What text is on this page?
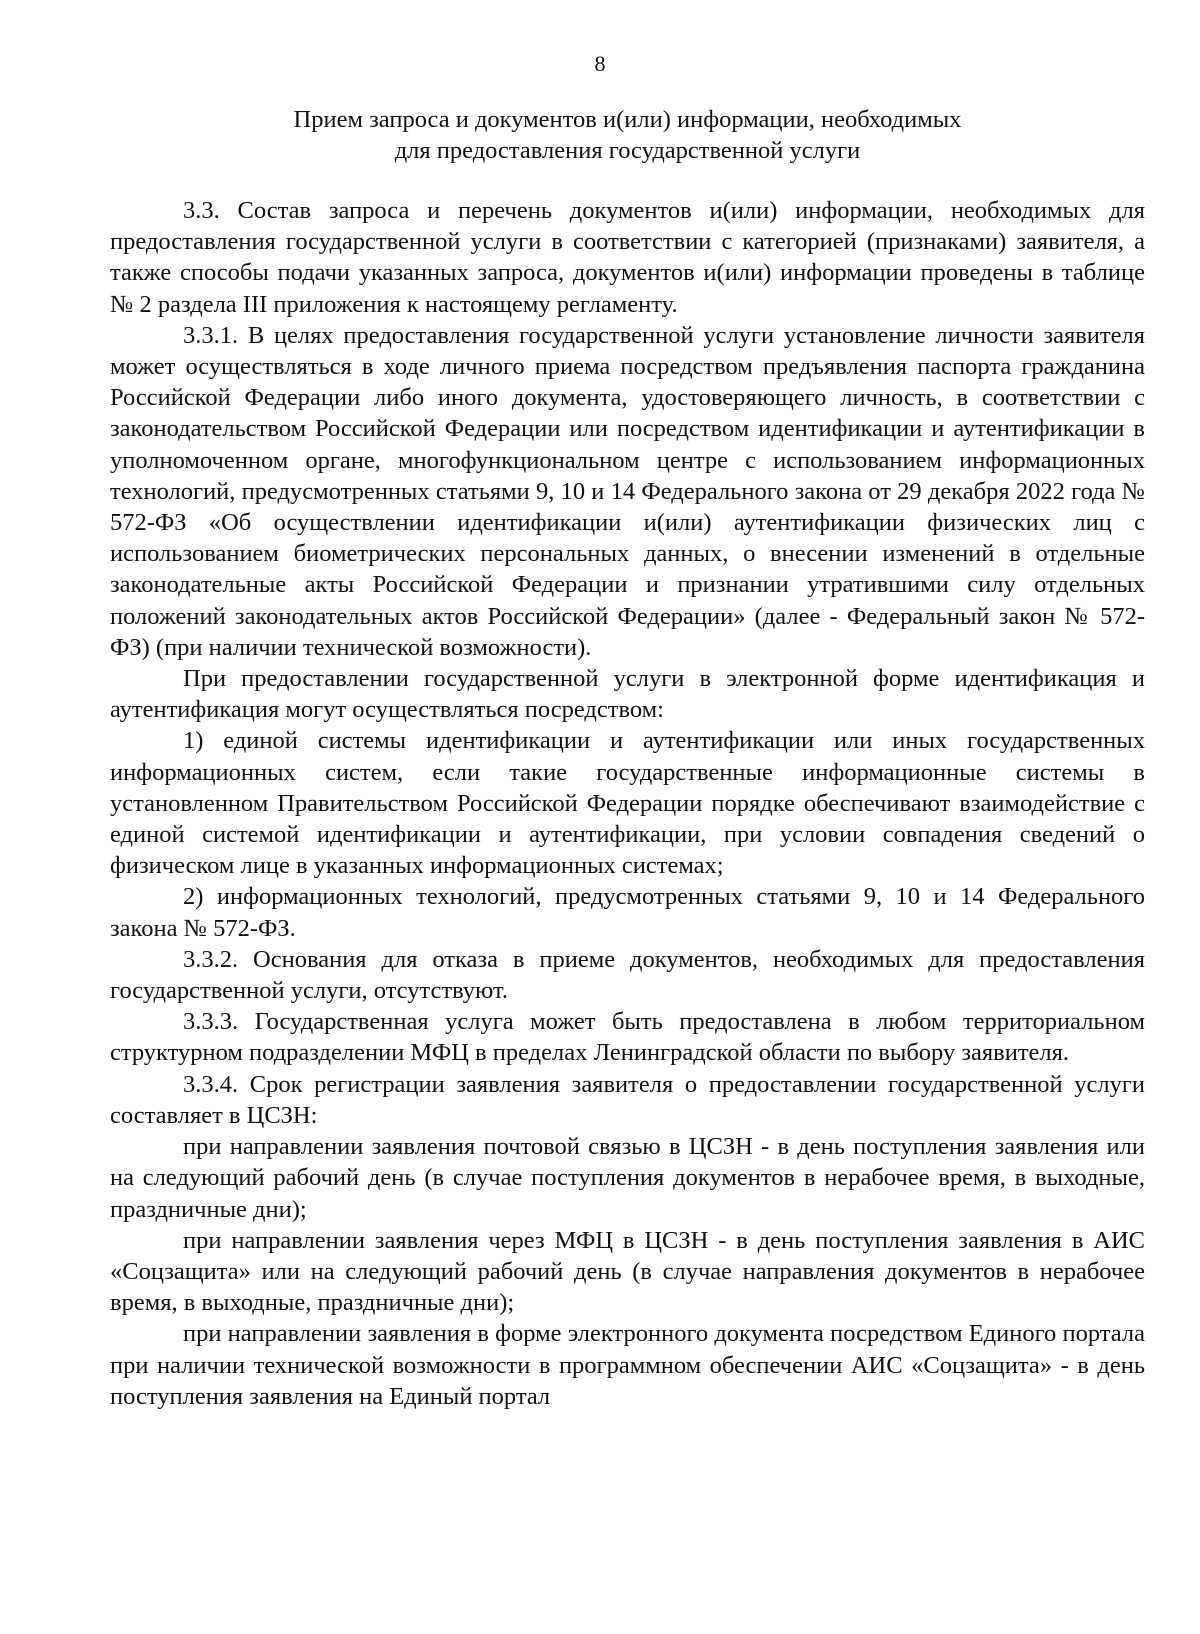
8
Прием запроса и документов и(или) информации, необходимых
для предоставления государственной услуги

3.3. Состав запроса и перечень документов и(или) информации, необходимых для предоставления государственной услуги в соответствии с категорией (признаками) заявителя, а также способы подачи указанных запроса, документов и(или) информации проведены в таблице № 2 раздела III приложения к настоящему регламенту.

3.3.1. В целях предоставления государственной услуги установление личности заявителя может осуществляться в ходе личного приема посредством предъявления паспорта гражданина Российской Федерации либо иного документа, удостоверяющего личность, в соответствии с законодательством Российской Федерации или посредством идентификации и аутентификации в уполномоченном органе, многофункциональном центре с использованием информационных технологий, предусмотренных статьями 9, 10 и 14 Федерального закона от 29 декабря 2022 года № 572-ФЗ «Об осуществлении идентификации и(или) аутентификации физических лиц с использованием биометрических персональных данных, о внесении изменений в отдельные законодательные акты Российской Федерации и признании утратившими силу отдельных положений законодательных актов Российской Федерации» (далее - Федеральный закон № 572-ФЗ) (при наличии технической возможности).

При предоставлении государственной услуги в электронной форме идентификация и аутентификация могут осуществляться посредством:

1) единой системы идентификации и аутентификации или иных государственных информационных систем, если такие государственные информационные системы в установленном Правительством Российской Федерации порядке обеспечивают взаимодействие с единой системой идентификации и аутентификации, при условии совпадения сведений о физическом лице в указанных информационных системах;

2) информационных технологий, предусмотренных статьями 9, 10 и 14 Федерального закона № 572-ФЗ.

3.3.2. Основания для отказа в приеме документов, необходимых для предоставления государственной услуги, отсутствуют.

3.3.3. Государственная услуга может быть предоставлена в любом территориальном структурном подразделении МФЦ в пределах Ленинградской области по выбору заявителя.

3.3.4. Срок регистрации заявления заявителя о предоставлении государственной услуги составляет в ЦСЗН:

при направлении заявления почтовой связью в ЦСЗН - в день поступления заявления или на следующий рабочий день (в случае поступления документов в нерабочее время, в выходные, праздничные дни);

при направлении заявления через МФЦ в ЦСЗН - в день поступления заявления в АИС «Соцзащита» или на следующий рабочий день (в случае направления документов в нерабочее время, в выходные, праздничные дни);

при направлении заявления в форме электронного документа посредством Единого портала при наличии технической возможности в программном обеспечении АИС «Соцзащита» - в день поступления заявления на Единый портал
